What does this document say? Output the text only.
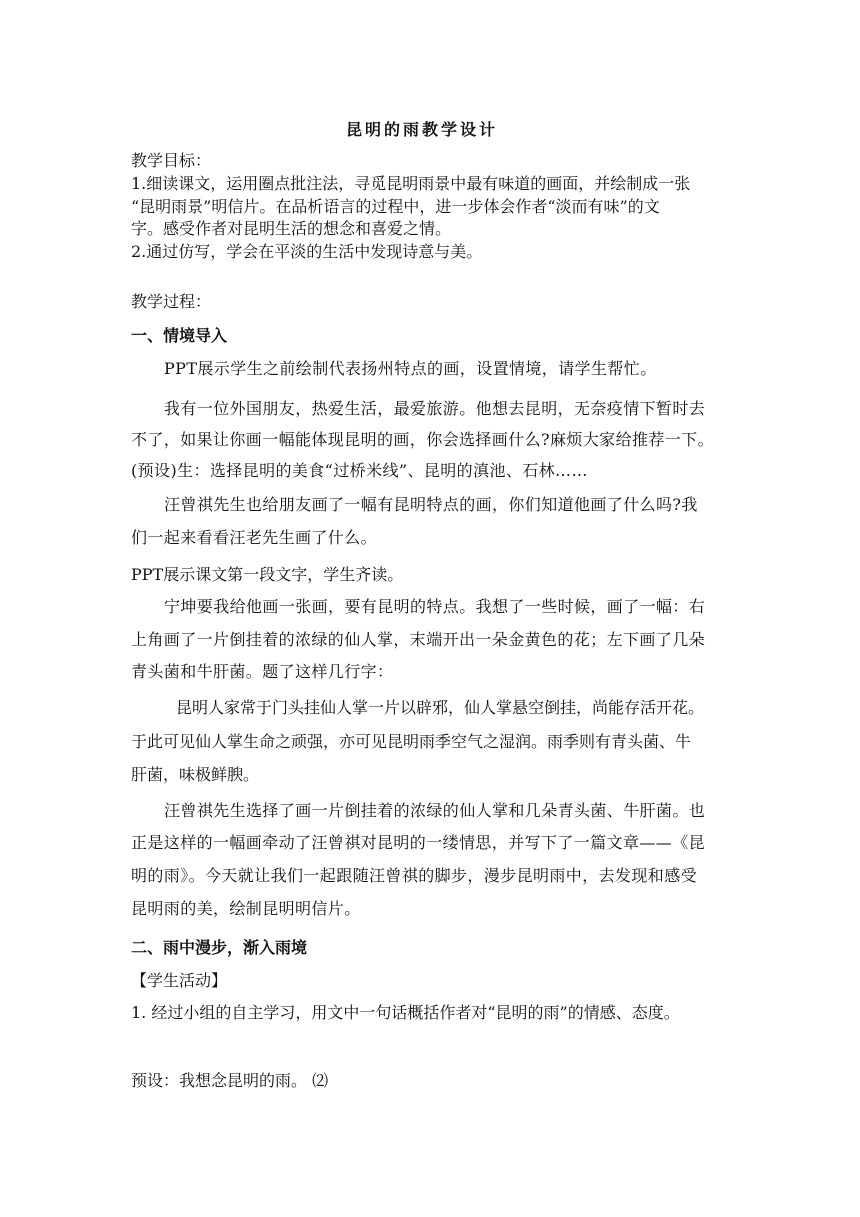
昆明的雨教学设计
教学目标：
1.细读课文，运用圈点批注法，寻觅昆明雨景中最有味道的画面，并绘制成一张
“昆明雨景”明信片。在品析语言的过程中，进一步体会作者“淡而有味”的文
字。感受作者对昆明生活的想念和喜爱之情。
2.通过仿写，学会在平淡的生活中发现诗意与美。
教学过程：
一、情境导入
PPT展示学生之前绘制代表扬州特点的画，设置情境，请学生帮忙。
我有一位外国朋友，热爱生活，最爱旅游。他想去昆明，无奈疫情下暂时去
不了，如果让你画一幅能体现昆明的画，你会选择画什么?麻烦大家给推荐一下。
(预设)生：选择昆明的美食“过桥米线”、昆明的滇池、石林……
汪曾祺先生也给朋友画了一幅有昆明特点的画，你们知道他画了什么吗?我
们一起来看看汪老先生画了什么。
PPT展示课文第一段文字，学生齐读。
宁坤要我给他画一张画，要有昆明的特点。我想了一些时候，画了一幅：右
上角画了一片倒挂着的浓绿的仙人掌，末端开出一朵金黄色的花；左下画了几朵
青头菌和牛肝菌。题了这样几行字：
昆明人家常于门头挂仙人掌一片以辟邪，仙人掌悬空倒挂，尚能存活开花。
于此可见仙人掌生命之顽强，亦可见昆明雨季空气之湿润。雨季则有青头菌、牛
肝菌，味极鲜腴。
汪曾祺先生选择了画一片倒挂着的浓绿的仙人掌和几朵青头菌、牛肝菌。也
正是这样的一幅画牵动了汪曾祺对昆明的一缕情思，并写下了一篇文章——《昆
明的雨》。今天就让我们一起跟随汪曾祺的脚步，漫步昆明雨中，去发现和感受
昆明雨的美，绘制昆明明信片。
二、雨中漫步，渐入雨境
【学生活动】
1. 经过小组的自主学习，用文中一句话概括作者对“昆明的雨”的情感、态度。
预设：我想念昆明的雨。 ⑵
